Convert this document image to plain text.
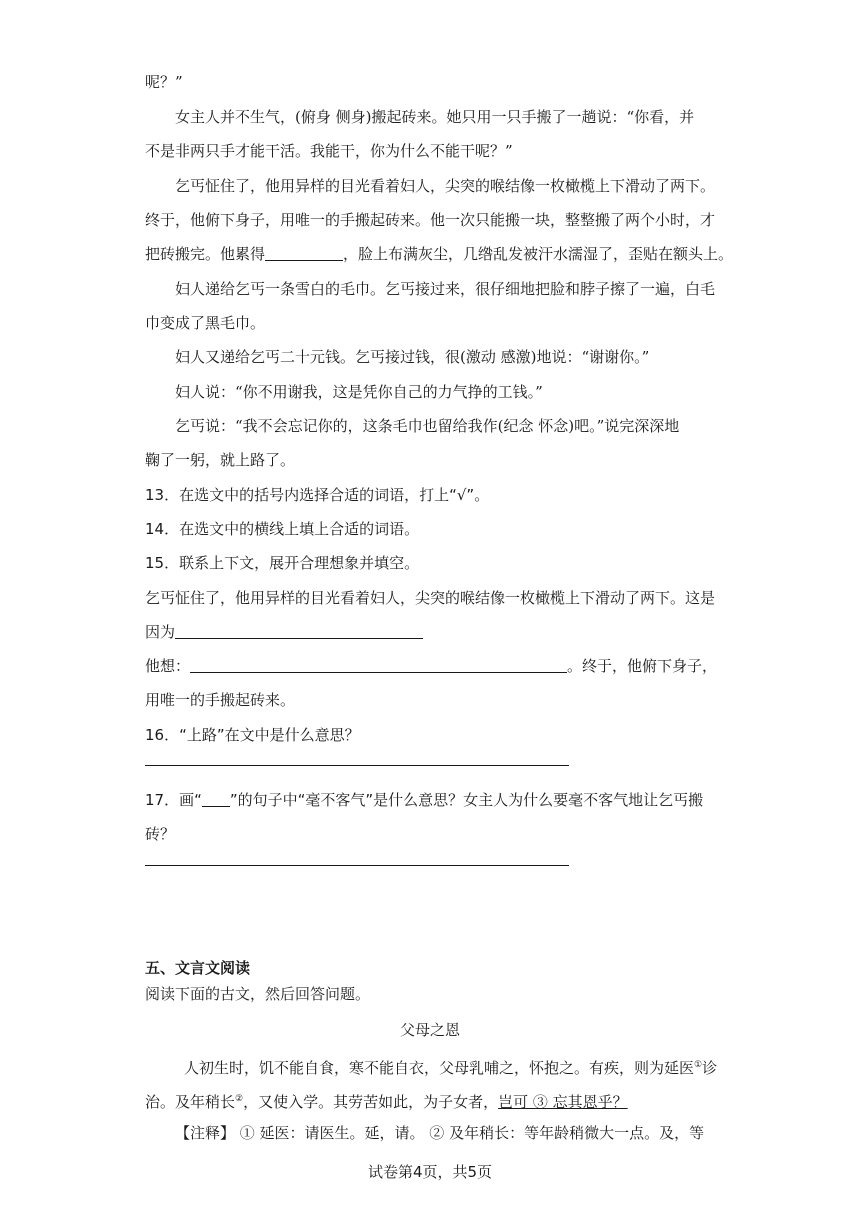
呢？”
女主人并不生气，(俯身 侧身)搬起砖来。她只用一只手搬了一趟说：“你看，并
不是非两只手才能干活。我能干，你为什么不能干呢？”
乞丐怔住了，他用异样的目光看着妇人，尖突的喉结像一枚橄榄上下滑动了两下。
终于，他俯下身子，用唯一的手搬起砖来。他一次只能搬一块，整整搬了两个小时，才
把砖搬完。他累得	，脸上布满灰尘，几绺乱发被汗水濡湿了，歪贴在额头上。
妇人递给乞丐一条雪白的毛巾。乞丐接过来，很仔细地把脸和脖子擦了一遍，白毛
巾变成了黑毛巾。
妇人又递给乞丐二十元钱。乞丐接过钱，很(激动 感激)地说：“谢谢你。”
妇人说：“你不用谢我，这是凭你自己的力气挣的工钱。”
乞丐说：“我不会忘记你的，这条毛巾也留给我作(纪念 怀念)吧。”说完深深地
鞠了一躬，就上路了。
13．在选文中的括号内选择合适的词语，打上“√”。
14．在选文中的横线上填上合适的词语。
15．联系上下文，展开合理想象并填空。
乞丐怔住了，他用异样的目光看着妇人，尖突的喉结像一枚橄榄上下滑动了两下。这是
因为
他想：	。终于，他俯下身子，
用唯一的手搬起砖来。
16．“上路”在文中是什么意思？
17．画“ ”的句子中“毫不客气”是什么意思？女主人为什么要毫不客气地让乞丐搬
砖？
五、文言文阅读
阅读下面的古文，然后回答问题。
父母之恩
人初生时，饥不能自食，寒不能自衣，父母乳哺之，怀抱之。有疾，则为延医①诊
治。及年稍长②，又使入学。其劳苦如此，为子女者，岂可 ③ 忘其恩乎？
【注释】 ① 延医：请医生。延，请。 ② 及年稍长：等年龄稍微大一点。及，等
试卷第4页，共5页
